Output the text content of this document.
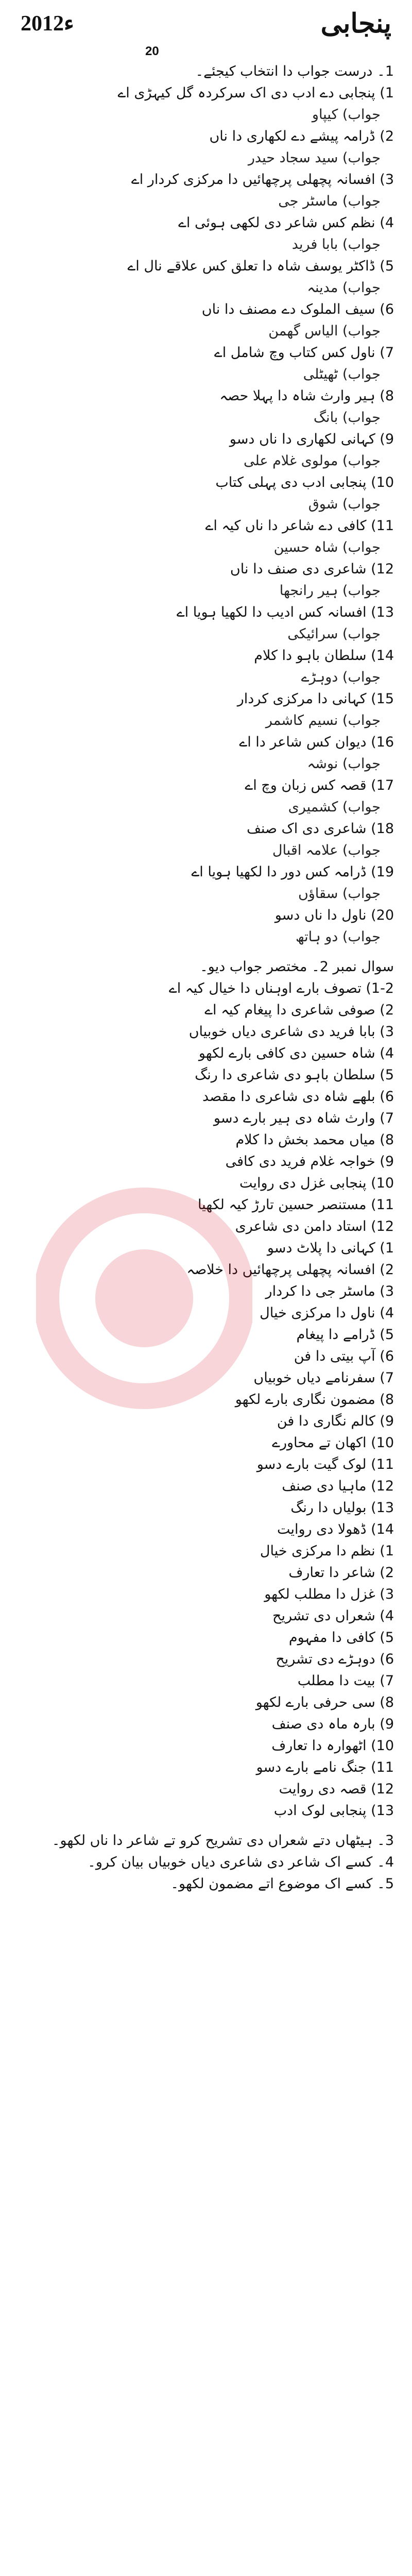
2012ء	پنجابی
20
1۔ درست جواب دا انتخاب کیجئے۔
1) پنجابی دے ادب دی اک سرکردہ گل کیہڑی اے
جواب) کیپاو
2) ڈرامہ پیشے دے لکھاری دا ناں
جواب) سید سجاد حیدر
3) افسانہ پچھلی پرچھائیں دا مرکزی کردار اے
جواب) ماسٹر جی
4) نظم کس شاعر دی لکھی ہوئی اے
جواب) بابا فرید
5) ڈاکٹر یوسف شاہ دا تعلق کس علاقے نال اے
جواب) مدینہ
6) سیف الملوک دے مصنف دا ناں
جواب) الیاس گھمن
7) ناول کس کتاب وچ شامل اے
جواب) ٹھیٹلی
8) ہیر وارث شاہ دا پہلا حصہ
جواب) بانگ
9) کہانی لکھاری دا ناں دسو
جواب) مولوی غلام علی
10) پنجابی ادب دی پہلی کتاب
جواب) شوق
11) کافی دے شاعر دا ناں کیہ اے
جواب) شاہ حسین
12) شاعری دی صنف دا ناں
جواب) ہیر رانجھا
13) افسانہ کس ادیب دا لکھیا ہویا اے
جواب) سرائیکی
14) سلطان باہو دا کلام
جواب) دوہڑے
15) کہانی دا مرکزی کردار
جواب) نسیم کاشمر
16) دیوان کس شاعر دا اے
جواب) نوشہ
17) قصہ کس زبان وچ اے
جواب) کشمیری
18) شاعری دی اک صنف
جواب) علامہ اقبال
19) ڈرامہ کس دور دا لکھیا ہویا اے
جواب) سقاؤں
20) ناول دا ناں دسو
جواب) دو ہاتھ
سوال نمبر 2۔ مختصر جواب دیو۔
1-2) تصوف بارے اوہناں دا خیال کیہ اے
2) صوفی شاعری دا پیغام کیہ اے
3) بابا فرید دی شاعری دیاں خوبیاں
4) شاہ حسین دی کافی بارے لکھو
5) سلطان باہو دی شاعری دا رنگ
6) بلھے شاہ دی شاعری دا مقصد
7) وارث شاہ دی ہیر بارے دسو
8) میاں محمد بخش دا کلام
9) خواجہ غلام فرید دی کافی
10) پنجابی غزل دی روایت
11) مستنصر حسین تارڑ کیہ لکھیا
12) استاد دامن دی شاعری
1) کہانی دا پلاٹ دسو
2) افسانہ پچھلی پرچھائیں دا خلاصہ
3) ماسٹر جی دا کردار
4) ناول دا مرکزی خیال
5) ڈرامے دا پیغام
6) آپ بیتی دا فن
7) سفرنامے دیاں خوبیاں
8) مضمون نگاری بارے لکھو
9) کالم نگاری دا فن
10) اکھان تے محاورے
11) لوک گیت بارے دسو
12) ماہیا دی صنف
13) بولیاں دا رنگ
14) ڈھولا دی روایت
1) نظم دا مرکزی خیال
2) شاعر دا تعارف
3) غزل دا مطلب لکھو
4) شعراں دی تشریح
5) کافی دا مفہوم
6) دوہڑے دی تشریح
7) بیت دا مطلب
8) سی حرفی بارے لکھو
9) بارہ ماہ دی صنف
10) اٹھوارہ دا تعارف
11) جنگ نامے بارے دسو
12) قصہ دی روایت
13) پنجابی لوک ادب
3۔ ہیٹھاں دتے شعراں دی تشریح کرو تے شاعر دا ناں لکھو۔
4۔ کسے اک شاعر دی شاعری دیاں خوبیاں بیان کرو۔
5۔ کسے اک موضوع اتے مضمون لکھو۔
